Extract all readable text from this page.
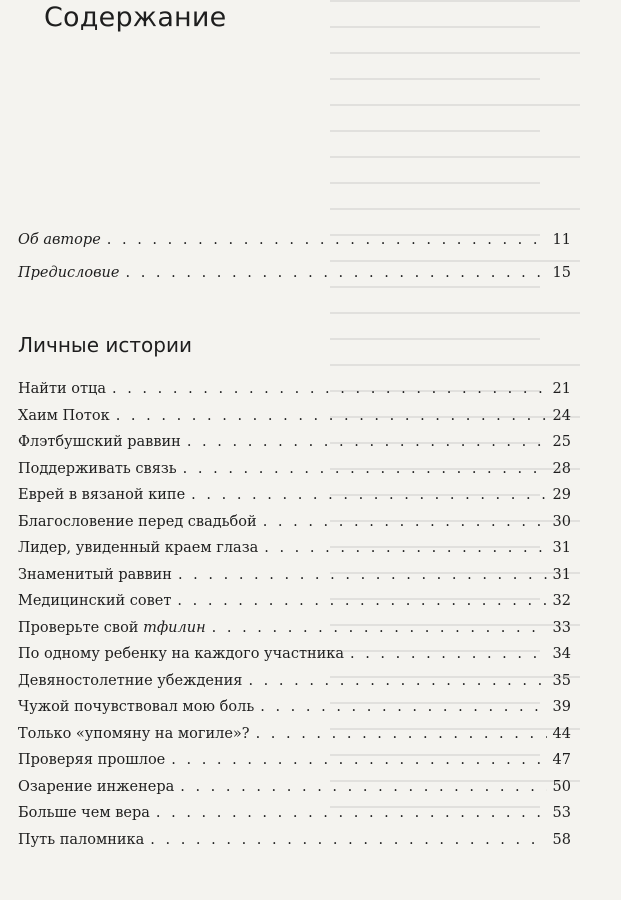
Содержание
Об авторе . . .	11
Предисловие . . .	15
Личные истории
Найти отца . . .	21
Хаим Поток . . .	24
Флэтбушский раввин . . .	25
Поддерживать связь . . .	28
Еврей в вязаной кипе . . .	29
Благословение перед свадьбой . . .	30
Лидер, увиденный краем глаза . . .	31
Знаменитый раввин . . .	31
Медицинский совет . . .	32
Проверьте свой тфилин . . .	33
По одному ребенку на каждого участника . . .	34
Девяностолетние убеждения . . .	35
Чужой почувствовал мою боль . . .	39
Только «упомяну на могиле»? . . .	44
Проверяя прошлое . . .	47
Озарение инженера . . .	50
Больше чем вера . . .	53
Путь паломника . . .	58
